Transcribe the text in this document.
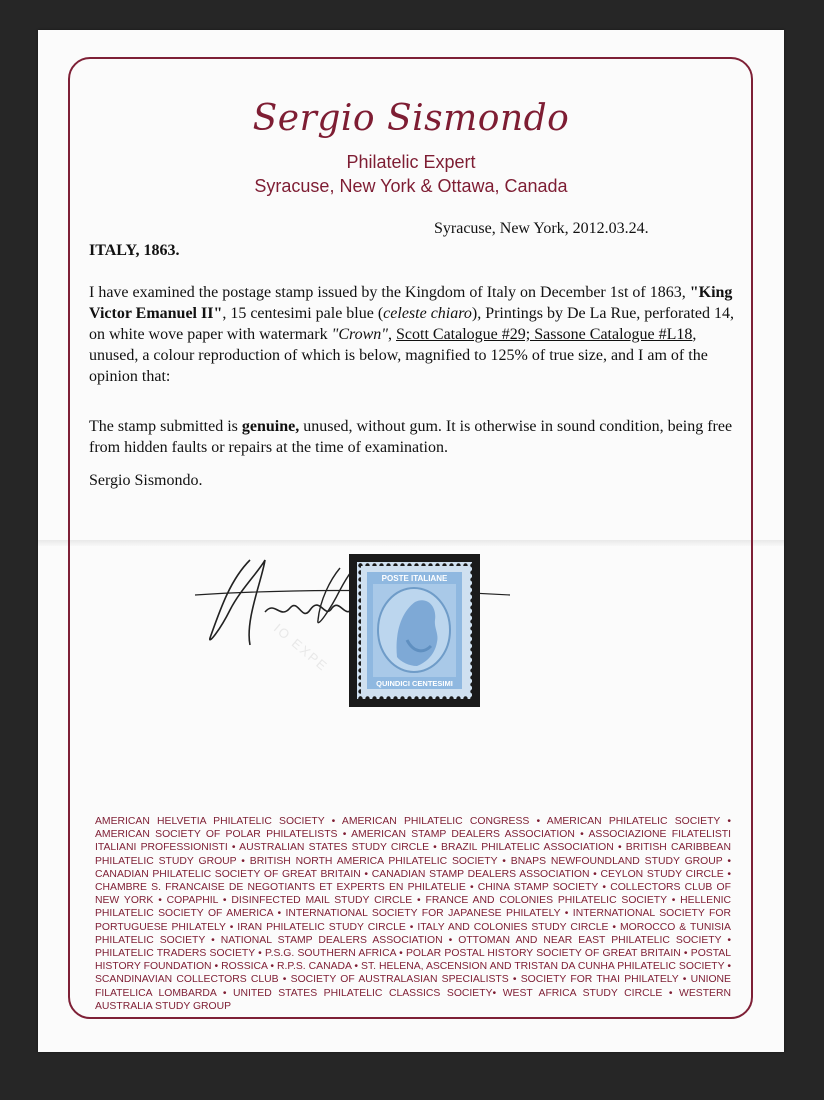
Sergio Sismondo
Philatelic Expert
Syracuse, New York & Ottawa, Canada
Syracuse, New York, 2012.03.24.
ITALY, 1863.
I have examined the postage stamp issued by the Kingdom of Italy on December 1st of 1863, "King Victor Emanuel II", 15 centesimi pale blue (celeste chiaro), Printings by De La Rue, perforated 14, on white wove paper with watermark "Crown", Scott Catalogue #29; Sassone Catalogue #L18, unused, a colour reproduction of which is below, magnified to 125% of true size, and I am of the opinion that:
The stamp submitted is genuine, unused, without gum. It is otherwise in sound condition, being free from hidden faults or repairs at the time of examination.
Sergio Sismondo.
POSTE ITALIANE
QUINDICI CENTESIMI
IO EXPE
AMERICAN HELVETIA PHILATELIC SOCIETY • AMERICAN PHILATELIC CONGRESS • AMERICAN PHILATELIC SOCIETY • AMERICAN SOCIETY OF POLAR PHILATELISTS • AMERICAN STAMP DEALERS ASSOCIATION • ASSOCIAZIONE FILATELISTI ITALIANI PROFESSIONISTI • AUSTRALIAN STATES STUDY CIRCLE • BRAZIL PHILATELIC ASSOCIATION • BRITISH CARIBBEAN PHILATELIC STUDY GROUP • BRITISH NORTH AMERICA PHILATELIC SOCIETY • BNAPS NEWFOUNDLAND STUDY GROUP • CANADIAN PHILATELIC SOCIETY OF GREAT BRITAIN • CANADIAN STAMP DEALERS ASSOCIATION • CEYLON STUDY CIRCLE • CHAMBRE S. FRANCAISE DE NEGOTIANTS ET EXPERTS EN PHILATELIE • CHINA STAMP SOCIETY • COLLECTORS CLUB OF NEW YORK • COPAPHIL • DISINFECTED MAIL STUDY CIRCLE • FRANCE AND COLONIES PHILATELIC SOCIETY • HELLENIC PHILATELIC SOCIETY OF AMERICA • INTERNATIONAL SOCIETY FOR JAPANESE PHILATELY • INTERNATIONAL SOCIETY FOR PORTUGUESE PHILATELY • IRAN PHILATELIC STUDY CIRCLE • ITALY AND COLONIES STUDY CIRCLE • MOROCCO & TUNISIA PHILATELIC SOCIETY • NATIONAL STAMP DEALERS ASSOCIATION • OTTOMAN AND NEAR EAST PHILATELIC SOCIETY • PHILATELIC TRADERS SOCIETY • P.S.G. SOUTHERN AFRICA • POLAR POSTAL HISTORY SOCIETY OF GREAT BRITAIN • POSTAL HISTORY FOUNDATION • ROSSICA • R.P.S. CANADA • ST. HELENA, ASCENSION AND TRISTAN DA CUNHA PHILATELIC SOCIETY • SCANDINAVIAN COLLECTORS CLUB • SOCIETY OF AUSTRALASIAN SPECIALISTS • SOCIETY FOR THAI PHILATELY • UNIONE FILATELICA LOMBARDA • UNITED STATES PHILATELIC CLASSICS SOCIETY• WEST AFRICA STUDY CIRCLE • WESTERN AUSTRALIA STUDY GROUP
